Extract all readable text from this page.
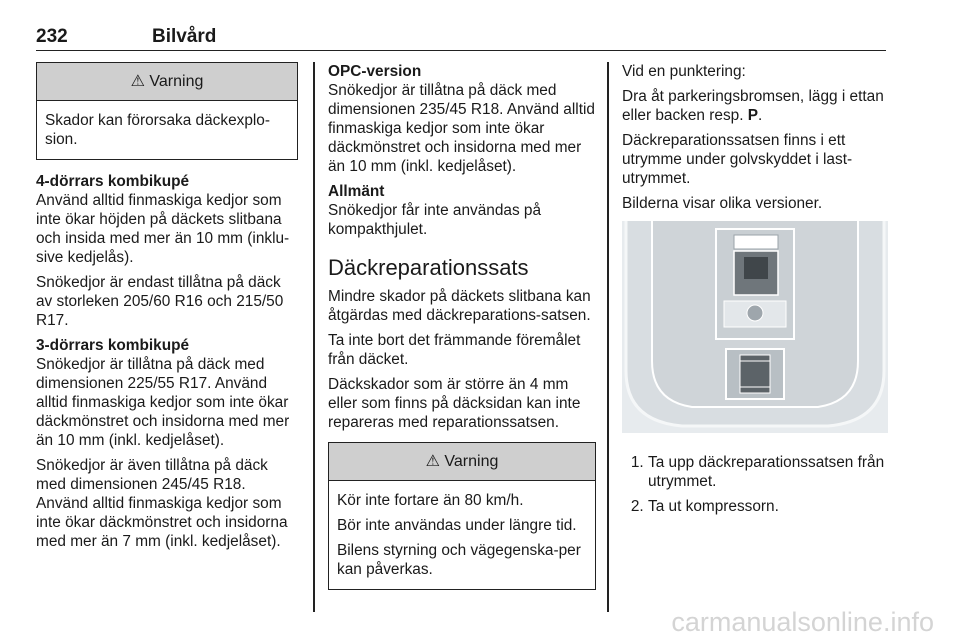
232	Bilvård
⚠ Varning

Skador kan förorsaka däckexplo-sion.

4-dörrars kombikupé

Använd alltid finmaskiga kedjor som inte ökar höjden på däckets slitbana och insida med mer än 10 mm (inklu-sive kedjelås).

Snökedjor är endast tillåtna på däck av storleken 205/60 R16 och 215/50 R17.

3-dörrars kombikupé

Snökedjor är tillåtna på däck med dimensionen 225/55 R17. Använd alltid finmaskiga kedjor som inte ökar däckmönstret och insidorna med mer än 10 mm (inkl. kedjelåset).

Snökedjor är även tillåtna på däck med dimensionen 245/45 R18. Använd alltid finmaskiga kedjor som inte ökar däckmönstret och insidorna med mer än 7 mm (inkl. kedjelåset).

OPC-version

Snökedjor är tillåtna på däck med dimensionen 235/45 R18. Använd alltid finmaskiga kedjor som inte ökar däckmönstret och insidorna med mer än 10 mm (inkl. kedjelåset).

Allmänt

Snökedjor får inte användas på kompakthjulet.

Däckreparationssats

Mindre skador på däckets slitbana kan åtgärdas med däckreparations-satsen.

Ta inte bort det främmande föremålet från däcket.

Däckskador som är större än 4 mm eller som finns på däcksidan kan inte repareras med reparationssatsen.

⚠ Varning

Kör inte fortare än 80 km/h.

Bör inte användas under längre tid.

Bilens styrning och vägegenska-per kan påverkas.

Vid en punktering:

Dra åt parkeringsbromsen, lägg i ettan eller backen resp. P.

Däckreparationssatsen finns i ett utrymme under golvskyddet i last-utrymmet.

Bilderna visar olika versioner.

1. Ta upp däckreparationssatsen från utrymmet.
2. Ta ut kompressorn.
carmanualsonline.info
